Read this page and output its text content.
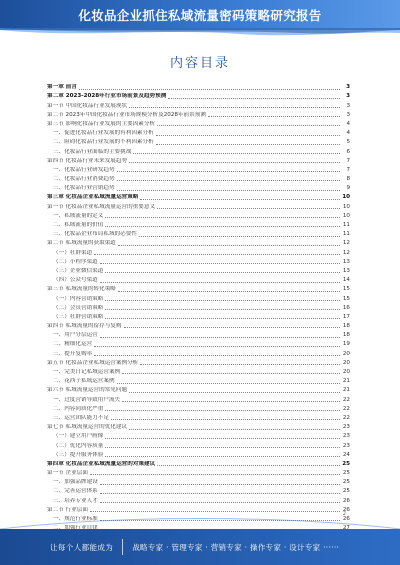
化妆品企业抓住私域流量密码策略研究报告
内容目录
第一章 前言	3
第二章 2023-2028年行业市场前景及趋势预测	3
第一节 中国化妆品行业发展现状	3
第二节 2023年中国化妆品行业市场规模分析及2028年前景预测	3
第三节 影响化妆品行业发展的主要因素分析	4
一、促进化妆品行业发展的有利因素分析	4
二、阻碍化妆品行业发展的不利因素分析	5
三、化妆品行业面临的主要挑战	6
第四节 化妆品行业未来发展趋势	7
一、化妆品行业研发趋势	7
二、化妆品行业消费趋势	8
三、化妆品行业营销趋势	9
第三章 化妆品企业私域流量运营策略	10
第一节 化妆品企业私域流量运营的重要意义	10
一、私域流量的定义	10
二、私域流量的价值	11
三、化妆品企业布局私域的必要性	11
第二节 私域流量的获取渠道	12
（一）社群渠道	12
（二）小程序渠道	13
（三）企业微信渠道	13
（四）公众号渠道	14
第三节 私域流量的转化策略	15
（一）内容营销策略	15
（二）会员营销策略	16
（三）社群营销策略	17
第四节 私域流量的留存与复购	18
一、用户分层运营	18
二、精细化运营	19
三、提升复购率	20
第五节 化妆品企业私域运营案例分析	20
一、完美日记私域运营案例	20
二、花西子私域运营案例	21
第六节 私域流量运营的常见问题	21
一、过度营销导致用户流失	22
二、内容同质化严重	22
三、运营团队能力不足	22
第七节 私域流量运营的优化建议	23
（一）建立用户画像	23
（二）优化内容质量	23
（三）提升服务体验	24
第四章 化妆品企业私域流量运营的对策建议	25
第一节 企业层面	25
一、加强品牌建设	25
二、完善运营体系	25
三、培养专业人才	26
第二节 行业层面	26
一、规范行业标准	26
2
让每个人都能成为	战略专家 · 管理专家 · 营销专家 · 操作专家 · 设计专家 ······
